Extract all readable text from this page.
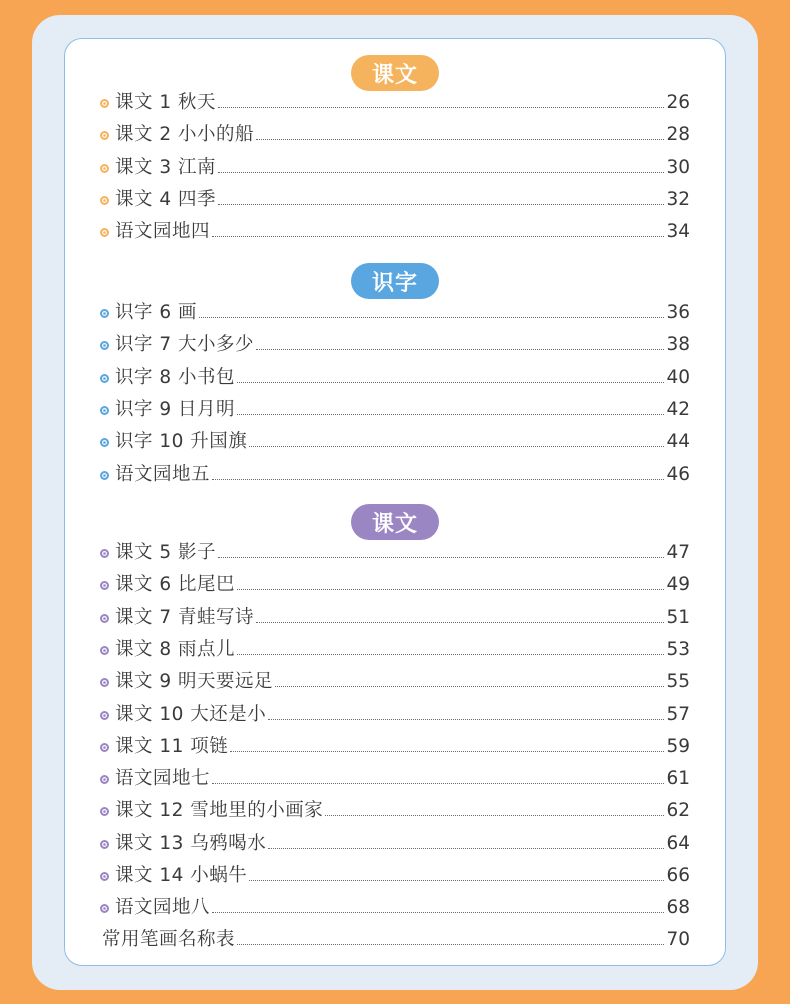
课文
识字
课文
常用笔画名称表	70
课文 1 秋天	26
课文 2 小小的船	28
课文 3 江南	30
课文 4 四季	32
语文园地四	34
识字 6 画	36
识字 7 大小多少	38
识字 8 小书包	40
识字 9 日月明	42
识字 10 升国旗	44
语文园地五	46
课文 5 影子	47
课文 6 比尾巴	49
课文 7 青蛙写诗	51
课文 8 雨点儿	53
课文 9 明天要远足	55
课文 10 大还是小	57
课文 11 项链	59
语文园地七	61
课文 12 雪地里的小画家	62
课文 13 乌鸦喝水	64
课文 14 小蜗牛	66
语文园地八	68
